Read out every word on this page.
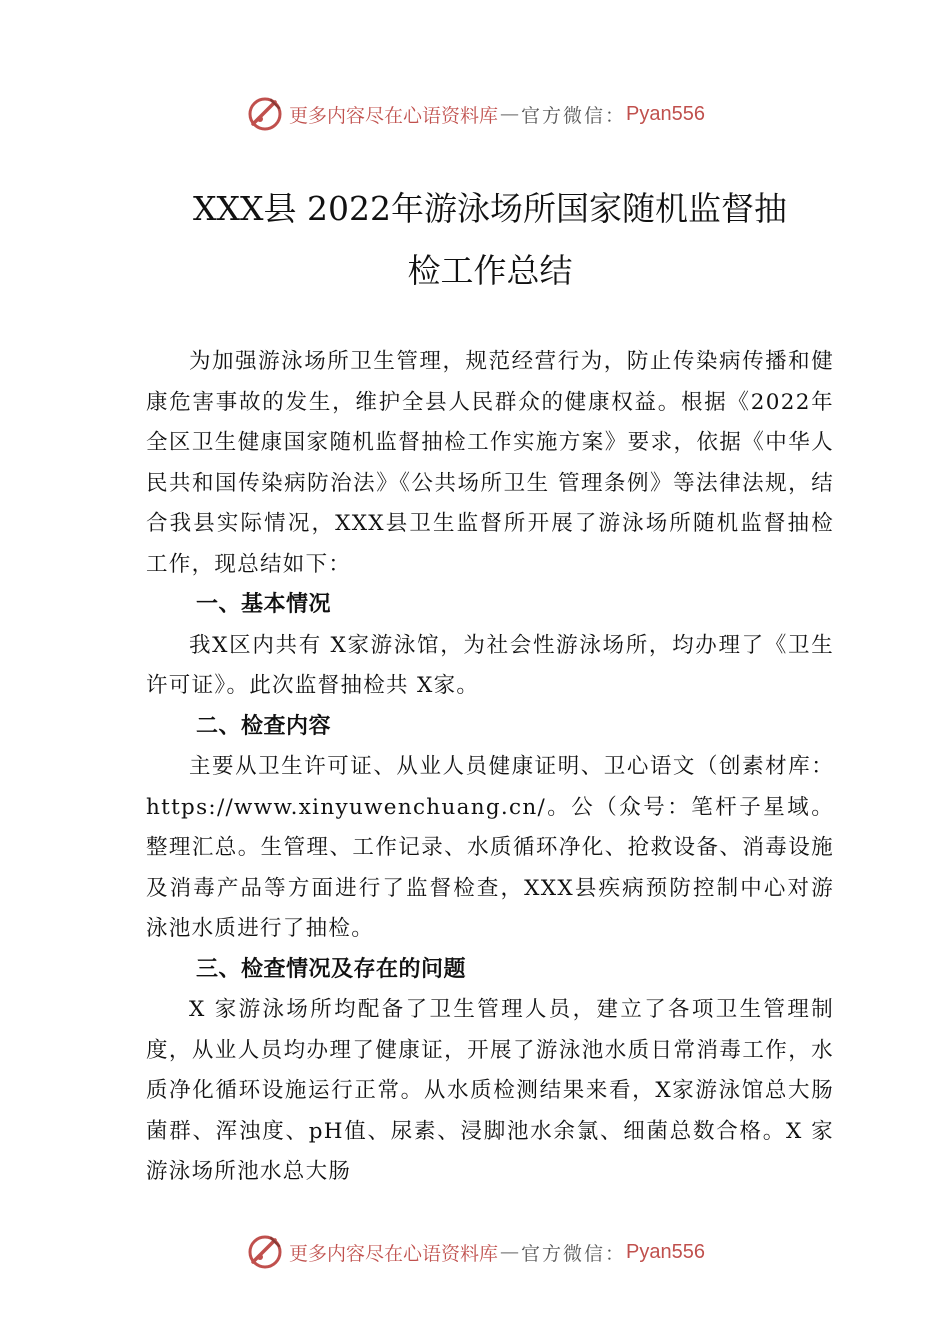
更多内容尽在心语资料库 — 官方微信： Pyan556
XXX县 2022年游泳场所国家随机监督抽
检工作总结

为加强游泳场所卫生管理，规范经营行为，防止传染病传播和健康危害事故的发生，维护全县人民群众的健康权益。根据《2022年全区卫生健康国家随机监督抽检工作实施方案》要求，依据《中华人民共和国传染病防治法》《公共场所卫生 管理条例》等法律法规，结合我县实际情况，XXX县卫生监督所开展了游泳场所随机监督抽检工作，现总结如下：

一、基本情况

我X区内共有 X家游泳馆，为社会性游泳场所，均办理了《卫生许可证》。此次监督抽检共 X家。

二、检查内容

主要从卫生许可证、从业人员健康证明、卫心语文（创素材库：https://www.xinyuwenchuang.cn/。公（众号：笔杆子星域。整理汇总。生管理、工作记录、水质循环净化、抢救设备、消毒设施及消毒产品等方面进行了监督检查，XXX县疾病预防控制中心对游泳池水质进行了抽检。

三、检查情况及存在的问题

X 家游泳场所均配备了卫生管理人员，建立了各项卫生管理制度，从业人员均办理了健康证，开展了游泳池水质日常消毒工作，水质净化循环设施运行正常。从水质检测结果来看，X家游泳馆总大肠菌群、浑浊度、pH值、尿素、浸脚池水余氯、细菌总数合格。X 家游泳场所池水总大肠

更多内容尽在心语资料库 — 官方微信： Pyan556
